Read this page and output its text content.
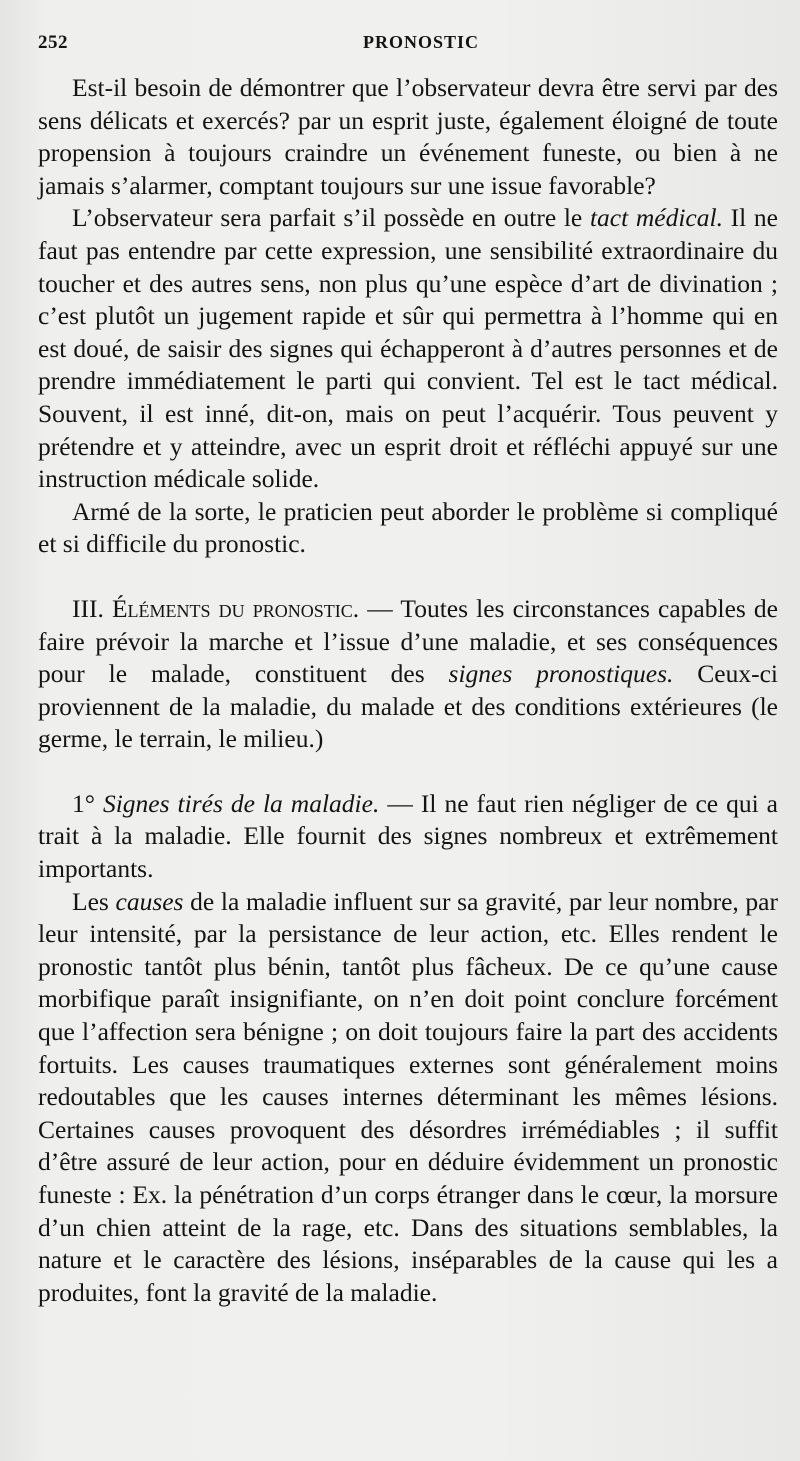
252	PRONOSTIC

Est-il besoin de démontrer que l’observateur devra être servi par des sens délicats et exercés? par un esprit juste, également éloigné de toute propension à toujours craindre un événement funeste, ou bien à ne jamais s’alarmer, comptant toujours sur une issue favorable?

L’observateur sera parfait s’il possède en outre le tact médical. Il ne faut pas entendre par cette expression, une sensibilité extraordinaire du toucher et des autres sens, non plus qu’une espèce d’art de divination ; c’est plutôt un jugement rapide et sûr qui permettra à l’homme qui en est doué, de saisir des signes qui échapperont à d’autres personnes et de prendre immédiatement le parti qui convient. Tel est le tact médical. Souvent, il est inné, dit-on, mais on peut l’acquérir. Tous peuvent y prétendre et y atteindre, avec un esprit droit et réfléchi appuyé sur une instruction médicale solide.

Armé de la sorte, le praticien peut aborder le problème si compliqué et si difficile du pronostic.

III. Éléments du pronostic. — Toutes les circonstances capables de faire prévoir la marche et l’issue d’une maladie, et ses conséquences pour le malade, constituent des signes pronostiques. Ceux-ci proviennent de la maladie, du malade et des conditions extérieures (le germe, le terrain, le milieu.)

1° Signes tirés de la maladie. — Il ne faut rien négliger de ce qui a trait à la maladie. Elle fournit des signes nombreux et extrêmement importants.

Les causes de la maladie influent sur sa gravité, par leur nombre, par leur intensité, par la persistance de leur action, etc. Elles rendent le pronostic tantôt plus bénin, tantôt plus fâcheux. De ce qu’une cause morbifique paraît insignifiante, on n’en doit point conclure forcément que l’affection sera bénigne ; on doit toujours faire la part des accidents fortuits. Les causes traumatiques externes sont généralement moins redoutables que les causes internes déterminant les mêmes lésions. Certaines causes provoquent des désordres irrémédiables ; il suffit d’être assuré de leur action, pour en déduire évidemment un pronostic funeste : Ex. la pénétration d’un corps étranger dans le cœur, la morsure d’un chien atteint de la rage, etc. Dans des situations semblables, la nature et le caractère des lésions, inséparables de la cause qui les a produites, font la gravité de la maladie.
